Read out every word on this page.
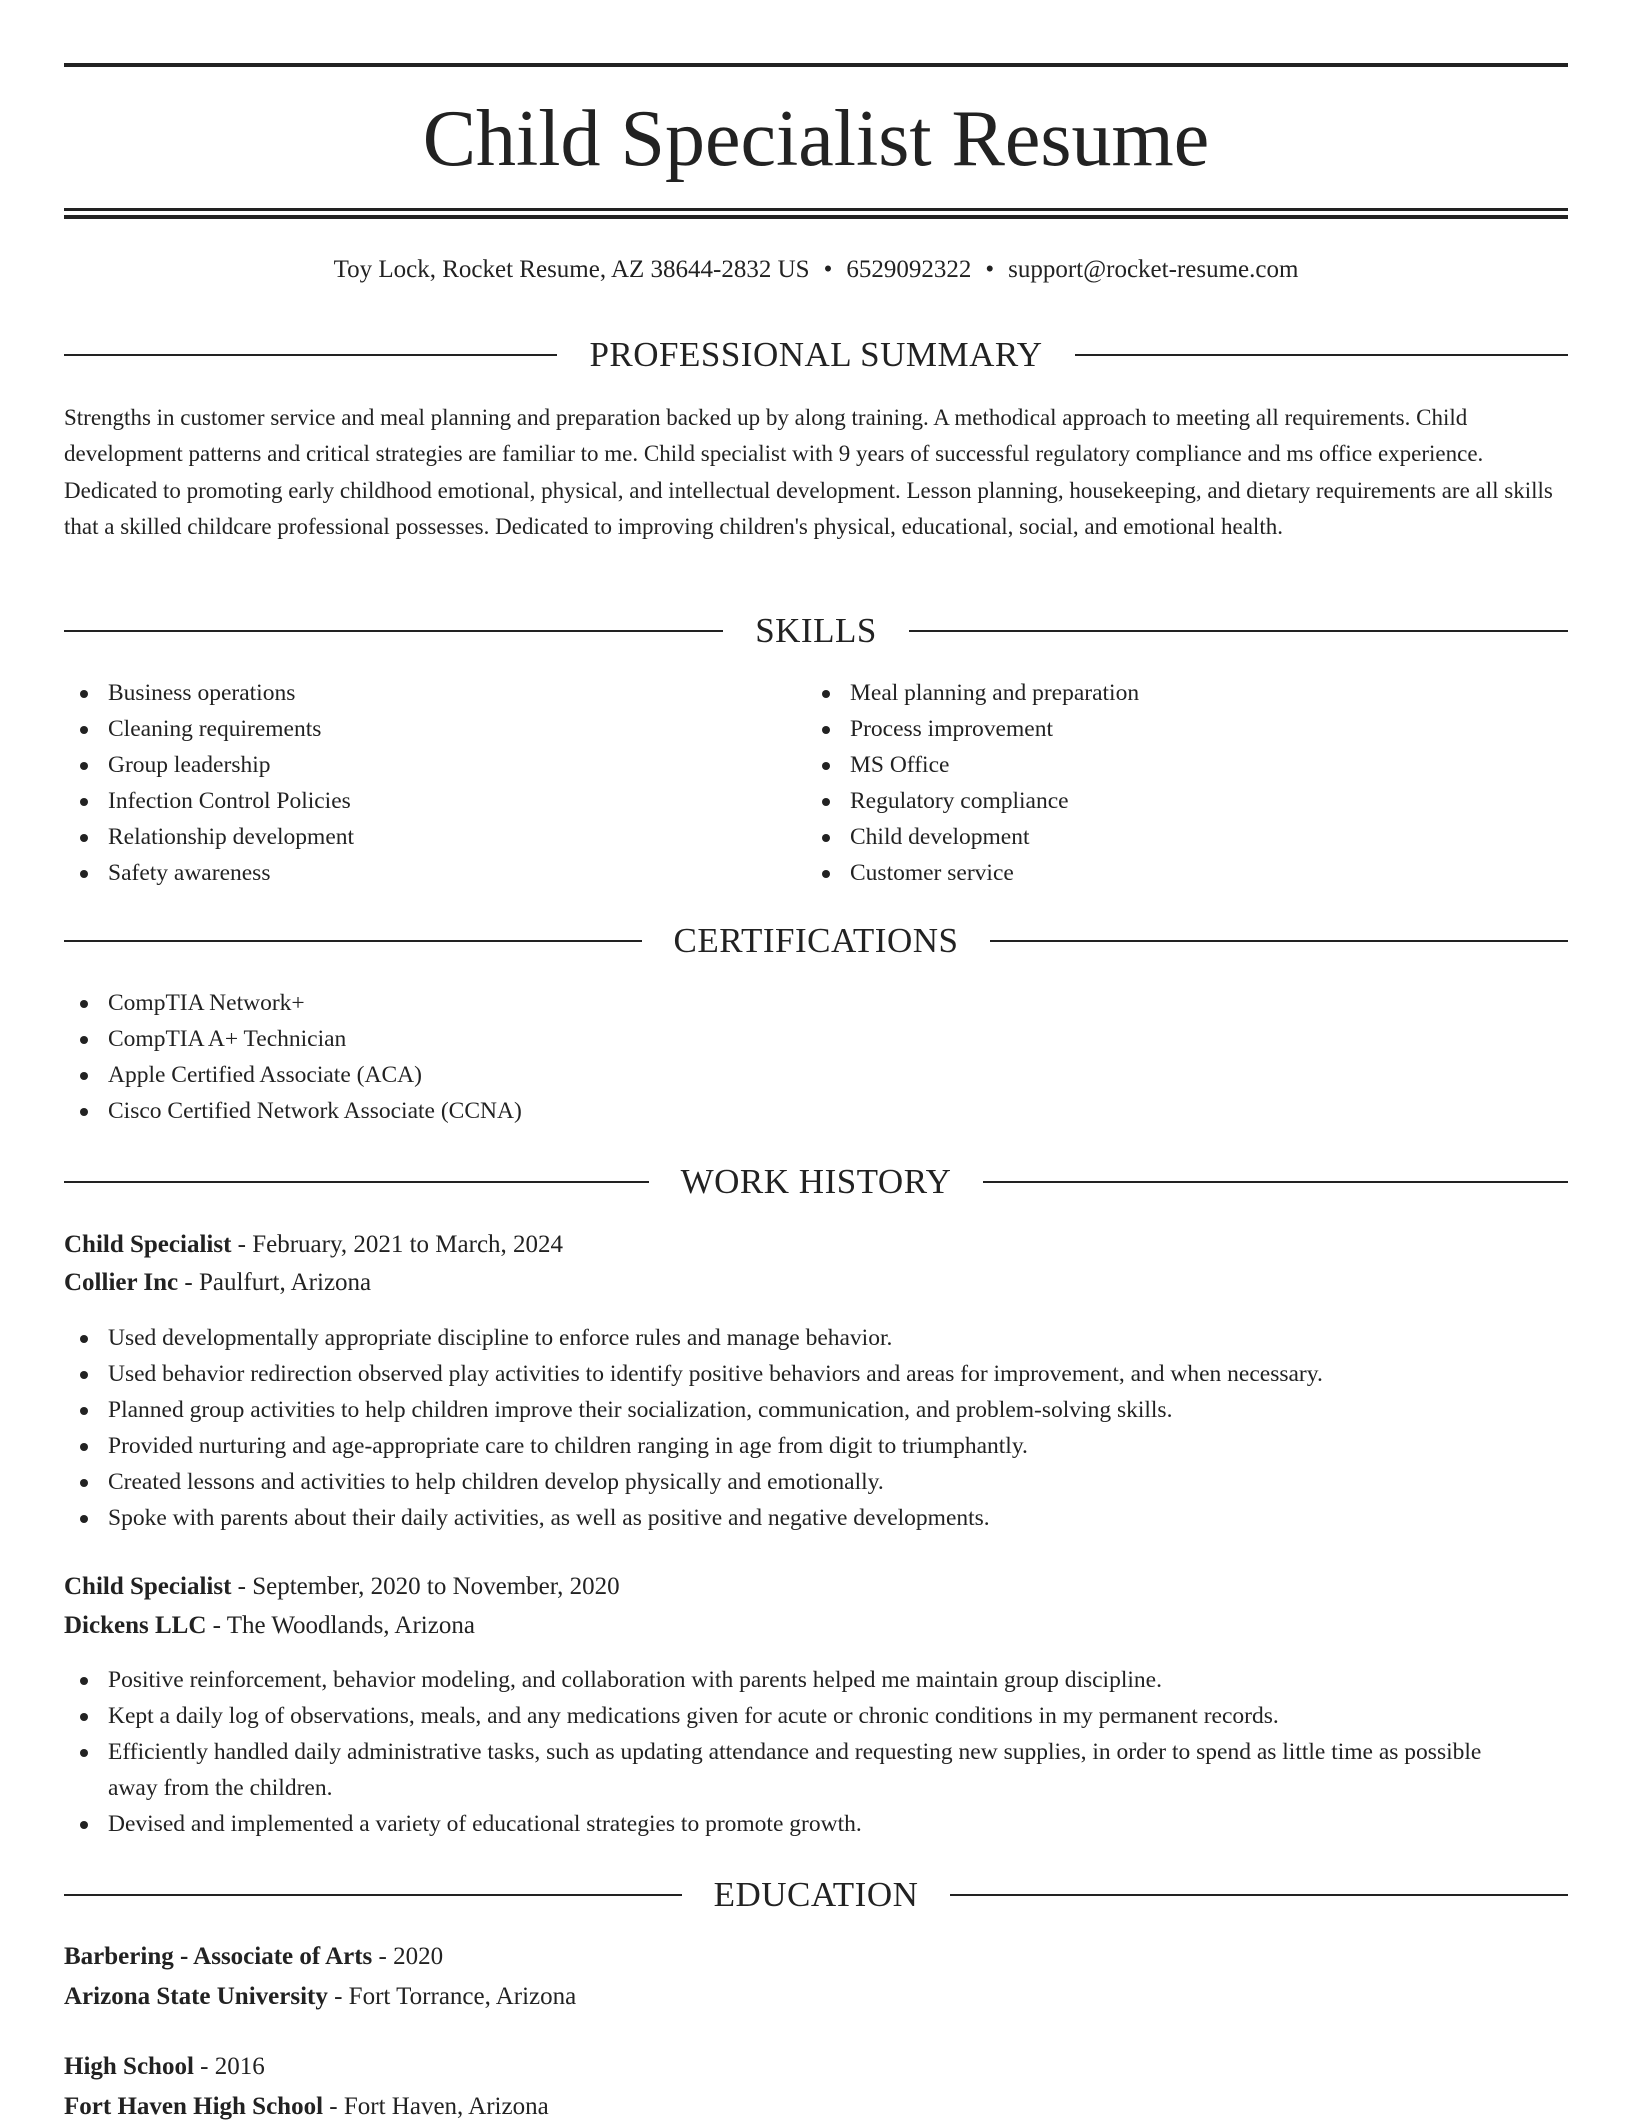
Child Specialist Resume
Toy Lock, Rocket Resume, AZ 38644-2832 US • 6529092322 • support@rocket-resume.com
PROFESSIONAL SUMMARY

Strengths in customer service and meal planning and preparation backed up by along training. A methodical approach to meeting all requirements. Child development patterns and critical strategies are familiar to me. Child specialist with 9 years of successful regulatory compliance and ms office experience. Dedicated to promoting early childhood emotional, physical, and intellectual development. Lesson planning, housekeeping, and dietary requirements are all skills that a skilled childcare professional possesses. Dedicated to improving children's physical, educational, social, and emotional health.

SKILLS
Business operations
Cleaning requirements
Group leadership
Infection Control Policies
Relationship development
Safety awareness
Meal planning and preparation
Process improvement
MS Office
Regulatory compliance
Child development
Customer service
CERTIFICATIONS
CompTIA Network+
CompTIA A+ Technician
Apple Certified Associate (ACA)
Cisco Certified Network Associate (CCNA)
WORK HISTORY
Child Specialist - February, 2021 to March, 2024
Collier Inc - Paulfurt, Arizona
Used developmentally appropriate discipline to enforce rules and manage behavior.
Used behavior redirection observed play activities to identify positive behaviors and areas for improvement, and when necessary.
Planned group activities to help children improve their socialization, communication, and problem-solving skills.
Provided nurturing and age-appropriate care to children ranging in age from digit to triumphantly.
Created lessons and activities to help children develop physically and emotionally.
Spoke with parents about their daily activities, as well as positive and negative developments.
Child Specialist - September, 2020 to November, 2020
Dickens LLC - The Woodlands, Arizona
Positive reinforcement, behavior modeling, and collaboration with parents helped me maintain group discipline.
Kept a daily log of observations, meals, and any medications given for acute or chronic conditions in my permanent records.
Efficiently handled daily administrative tasks, such as updating attendance and requesting new supplies, in order to spend as little time as possible away from the children.
Devised and implemented a variety of educational strategies to promote growth.
EDUCATION
Barbering - Associate of Arts - 2020
Arizona State University - Fort Torrance, Arizona
High School - 2016
Fort Haven High School - Fort Haven, Arizona
